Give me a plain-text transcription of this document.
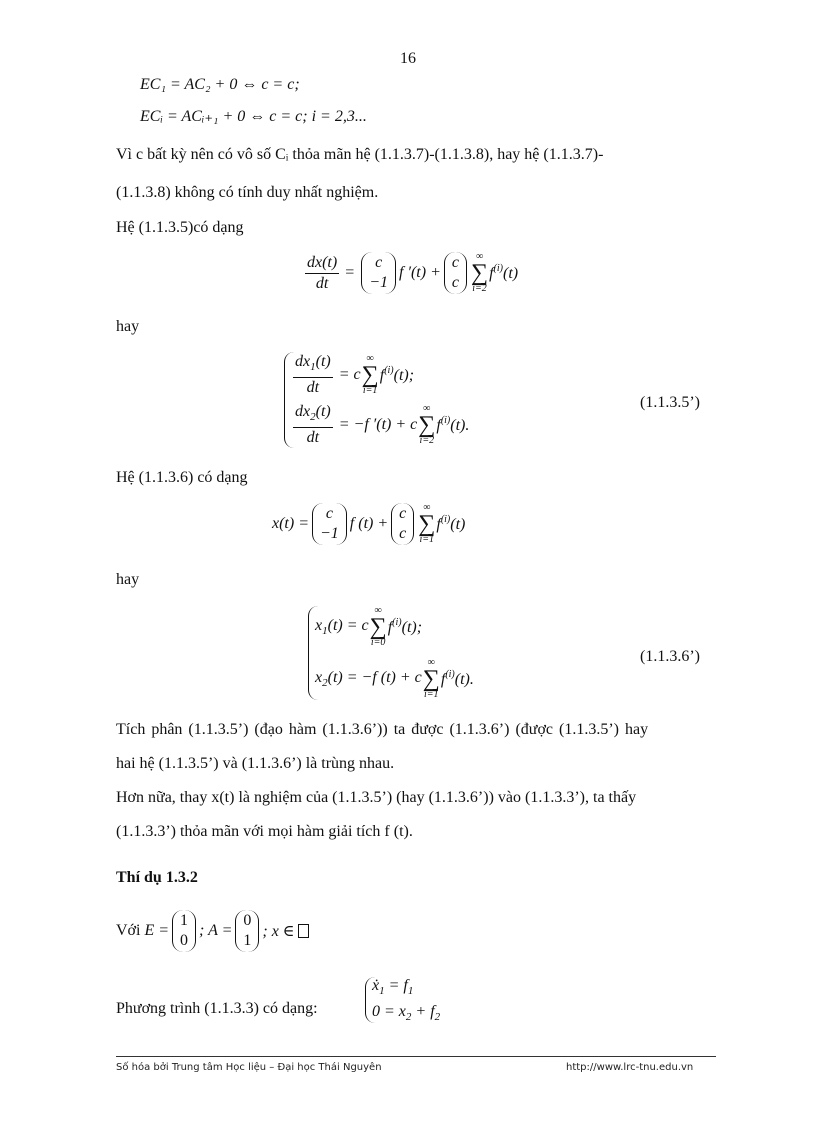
16
EC₁ = AC₂ + 0 ⇔ c = c;
ECᵢ = ACᵢ₊₁ + 0 ⇔ c = c; i = 2,3...
Vì c bất kỳ nên có vô số Cᵢ thỏa mãn hệ (1.1.3.7)-(1.1.3.8), hay hệ (1.1.3.7)-
(1.1.3.8) không có tính duy nhất nghiệm.
Hệ (1.1.3.5)có dạng
$\frac{dx(t)}{dt}$ =
c
−1
f ′(t) +
c
c
∞
∑
i=2
$f^{(i)}(t)$
hay
$\frac{dx_1(t)}{dt} = c$
∞
∑
i=1
$f^{(i)}(t)$;
$\frac{dx_2(t)}{dt} = -f$ ′(t) + c
∞
∑
i=2
$f^{(i)}(t)$.
(1.1.3.5’)
Hệ (1.1.3.6) có dạng
x(t) =
c
−1
f (t) +
c
c
∞
∑
i=1
$f^{(i)}(t)$
hay
$x_1(t) = c$
∞
∑
i=0
$f^{(i)}(t)$;
$x_2(t) = -f$ (t) + c
∞
∑
i=1
$f^{(i)}(t)$.
(1.1.3.6’)
Tích phân (1.1.3.5’) (đạo hàm (1.1.3.6’)) ta được (1.1.3.6’) (được (1.1.3.5’) hay
hai hệ (1.1.3.5’) và (1.1.3.6’) là trùng nhau.
Hơn nữa, thay x(t) là nghiệm của (1.1.3.5’) (hay (1.1.3.6’)) vào (1.1.3.3’), ta thấy
(1.1.3.3’) thỏa mãn với mọi hàm giải tích f (t).
Thí dụ 1.3.2
Với E =
1
0
; A =
0
1
; x ∈
Phương trình (1.1.3.3) có dạng:
ẋ$_1$ = $f_1$
$0 = x_2 + f_2$
Số hóa bởi Trung tâm Học liệu – Đại học Thái Nguyên	http://www.lrc-tnu.edu.vn
